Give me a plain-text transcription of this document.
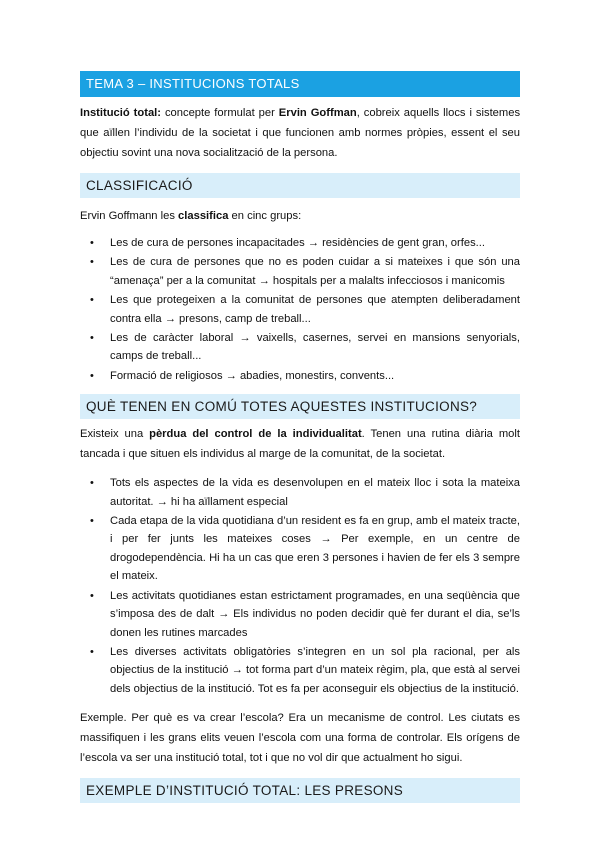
TEMA 3 – INSTITUCIONS TOTALS

Institució total: concepte formulat per Ervin Goffman, cobreix aquells llocs i sistemes que aïllen l’individu de la societat i que funcionen amb normes pròpies, essent el seu objectiu sovint una nova socialització de la persona.

CLASSIFICACIÓ

Ervin Goffmann les classifica en cinc grups:

• Les de cura de persones incapacitades → residències de gent gran, orfes...
• Les de cura de persones que no es poden cuidar a si mateixes i que són una “amenaça” per a la comunitat → hospitals per a malalts infecciosos i manicomis
• Les que protegeixen a la comunitat de persones que atempten deliberadament contra ella → presons, camp de treball...
• Les de caràcter laboral → vaixells, casernes, servei en mansions senyorials, camps de treball...
• Formació de religiosos → abadies, monestirs, convents...
QUÈ TENEN EN COMÚ TOTES AQUESTES INSTITUCIONS?

Existeix una pèrdua del control de la individualitat. Tenen una rutina diària molt tancada i que situen els individus al marge de la comunitat, de la societat.

• Tots els aspectes de la vida es desenvolupen en el mateix lloc i sota la mateixa autoritat. → hi ha aïllament especial
• Cada etapa de la vida quotidiana d’un resident es fa en grup, amb el mateix tracte, i per fer junts les mateixes coses → Per exemple, en un centre de drogodependència. Hi ha un cas que eren 3 persones i havien de fer els 3 sempre el mateix.
• Les activitats quotidianes estan estrictament programades, en una seqüència que s’imposa des de dalt → Els individus no poden decidir què fer durant el dia, se’ls donen les rutines marcades
• Les diverses activitats obligatòries s’integren en un sol pla racional, per als objectius de la institució → tot forma part d’un mateix règim, pla, que està al servei dels objectius de la institució. Tot es fa per aconseguir els objectius de la institució.

Exemple. Per què es va crear l’escola? Era un mecanisme de control. Les ciutats es massifiquen i les grans elits veuen l’escola com una forma de controlar. Els orígens de l’escola va ser una institució total, tot i que no vol dir que actualment ho sigui.

EXEMPLE D’INSTITUCIÓ TOTAL: LES PRESONS
